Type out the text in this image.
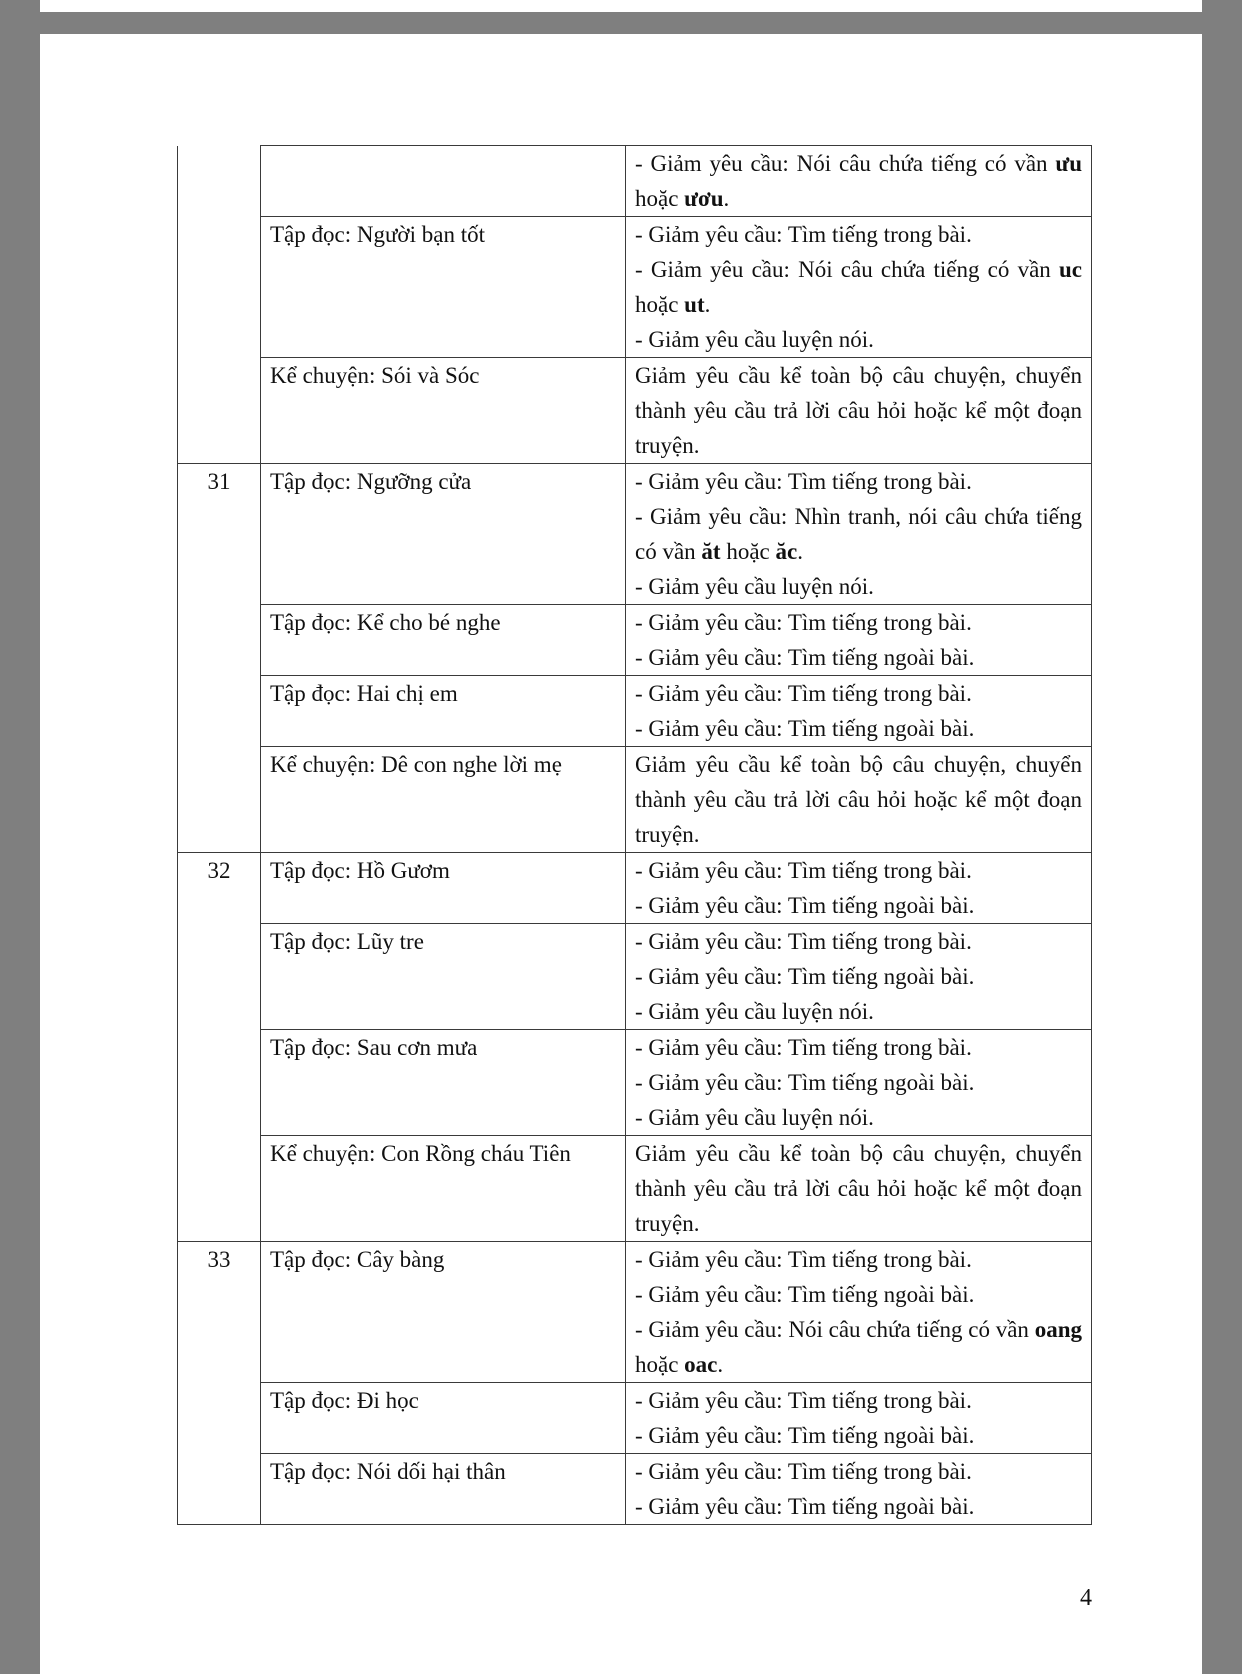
		- Giảm yêu cầu: Nói câu chứa tiếng có vần ưu hoặc ươu.

	Tập đọc: Người bạn tốt	- Giảm yêu cầu: Tìm tiếng trong bài.
- Giảm yêu cầu: Nói câu chứa tiếng có vần uc hoặc ut.
- Giảm yêu cầu luyện nói.

	Kể chuyện: Sói và Sóc	Giảm yêu cầu kể toàn bộ câu chuyện, chuyển thành yêu cầu trả lời câu hỏi hoặc kể một đoạn truyện.

31	Tập đọc: Ngưỡng cửa	- Giảm yêu cầu: Tìm tiếng trong bài.
- Giảm yêu cầu: Nhìn tranh, nói câu chứa tiếng có vần ăt hoặc ăc.
- Giảm yêu cầu luyện nói.

	Tập đọc: Kể cho bé nghe	- Giảm yêu cầu: Tìm tiếng trong bài.
- Giảm yêu cầu: Tìm tiếng ngoài bài.

	Tập đọc: Hai chị em	- Giảm yêu cầu: Tìm tiếng trong bài.
- Giảm yêu cầu: Tìm tiếng ngoài bài.

	Kể chuyện: Dê con nghe lời mẹ	Giảm yêu cầu kể toàn bộ câu chuyện, chuyển thành yêu cầu trả lời câu hỏi hoặc kể một đoạn truyện.

32	Tập đọc: Hồ Gươm	- Giảm yêu cầu: Tìm tiếng trong bài.
- Giảm yêu cầu: Tìm tiếng ngoài bài.

	Tập đọc: Lũy tre	- Giảm yêu cầu: Tìm tiếng trong bài.
- Giảm yêu cầu: Tìm tiếng ngoài bài.
- Giảm yêu cầu luyện nói.

	Tập đọc: Sau cơn mưa	- Giảm yêu cầu: Tìm tiếng trong bài.
- Giảm yêu cầu: Tìm tiếng ngoài bài.
- Giảm yêu cầu luyện nói.

	Kể chuyện: Con Rồng cháu Tiên	Giảm yêu cầu kể toàn bộ câu chuyện, chuyển thành yêu cầu trả lời câu hỏi hoặc kể một đoạn truyện.

33	Tập đọc: Cây bàng	- Giảm yêu cầu: Tìm tiếng trong bài.
- Giảm yêu cầu: Tìm tiếng ngoài bài.
- Giảm yêu cầu: Nói câu chứa tiếng có vần oang hoặc oac.

	Tập đọc: Đi học	- Giảm yêu cầu: Tìm tiếng trong bài.
- Giảm yêu cầu: Tìm tiếng ngoài bài.

	Tập đọc: Nói dối hại thân	- Giảm yêu cầu: Tìm tiếng trong bài.
- Giảm yêu cầu: Tìm tiếng ngoài bài.
4
